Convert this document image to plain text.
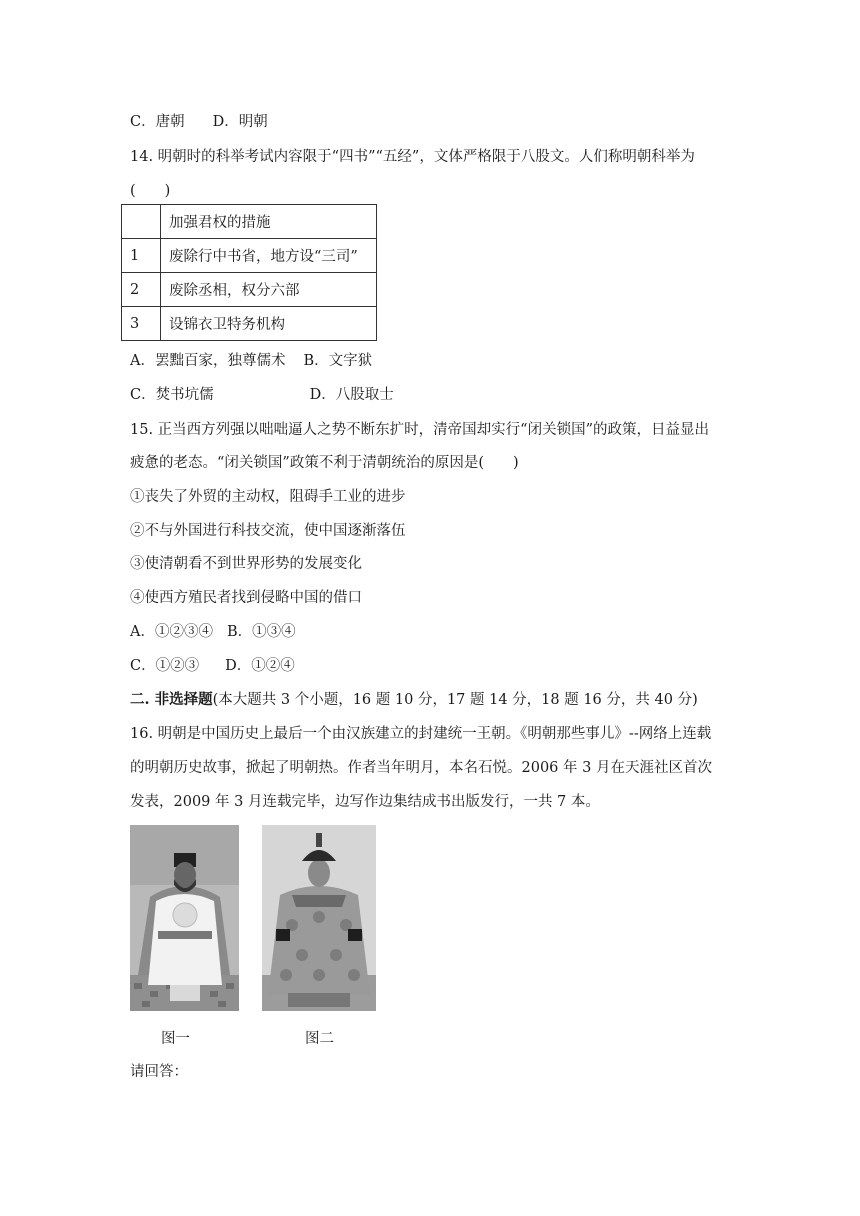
C．唐朝 D．明朝
14. 明朝时的科举考试内容限于“四书”“五经”，文体严格限于八股文。人们称明朝科举为
(　　)
	加强君权的措施
1	废除行中书省，地方设“三司”
2	废除丞相，权分六部
3	设锦衣卫特务机构
A．罢黜百家，独尊儒术 B．文字狱
C．焚书坑儒	D．八股取士
15. 正当西方列强以咄咄逼人之势不断东扩时，清帝国却实行“闭关锁国”的政策，日益显出
疲惫的老态。“闭关锁国”政策不利于清朝统治的原因是(　　)
①丧失了外贸的主动权，阻碍手工业的进步
②不与外国进行科技交流，使中国逐渐落伍
③使清朝看不到世界形势的发展变化
④使西方殖民者找到侵略中国的借口
A．①②③④ B．①③④
C．①②③ D．①②④
二. 非选择题(本大题共 3 个小题，16 题 10 分，17 题 14 分，18 题 16 分，共 40 分)
16. 明朝是中国历史上最后一个由汉族建立的封建统一王朝。《明朝那些事儿》--网络上连载
的明朝历史故事，掀起了明朝热。作者当年明月，本名石悦。2006 年 3 月在天涯社区首次
发表，2009 年 3 月连载完毕，边写作边集结成书出版发行，一共 7 本。
图一	图二
请回答：
